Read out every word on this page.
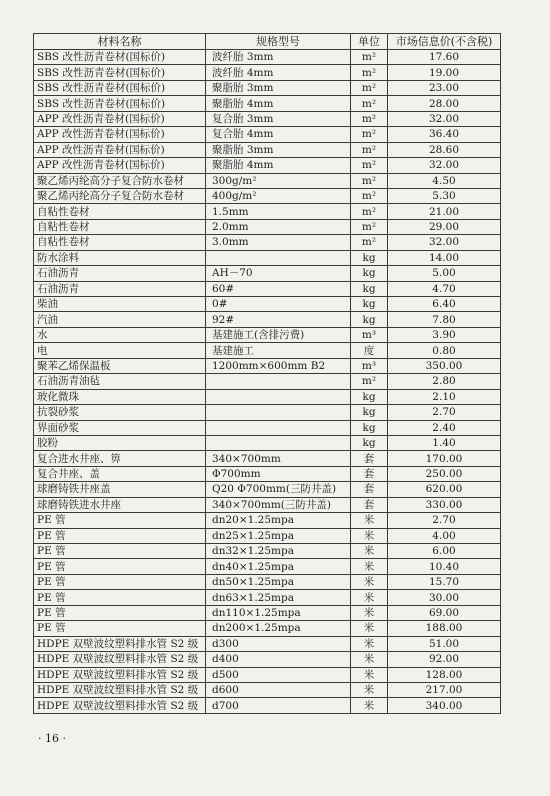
材料名称	规格型号	单位	市场信息价(不含税)
SBS 改性沥青卷材(国标价)	波纤胎 3mm	m²	17.60
SBS 改性沥青卷材(国标价)	波纤胎 4mm	m²	19.00
SBS 改性沥青卷材(国标价)	聚脂胎 3mm	m²	23.00
SBS 改性沥青卷材(国标价)	聚脂胎 4mm	m²	28.00
APP 改性沥青卷材(国标价)	复合胎 3mm	m²	32.00
APP 改性沥青卷材(国标价)	复合胎 4mm	m²	36.40
APP 改性沥青卷材(国标价)	聚脂胎 3mm	m²	28.60
APP 改性沥青卷材(国标价)	聚脂胎 4mm	m²	32.00
聚乙烯丙纶高分子复合防水卷材	300g/m²	m²	4.50
聚乙烯丙纶高分子复合防水卷材	400g/m²	m²	5.30
自粘性卷材	1.5mm	m²	21.00
自粘性卷材	2.0mm	m²	29.00
自粘性卷材	3.0mm	m²	32.00
防水涂料		kg	14.00
石油沥青	AH－70	kg	5.00
石油沥青	60#	kg	4.70
柴油	0#	kg	6.40
汽油	92#	kg	7.80
水	基建施工(含排污费)	m³	3.90
电	基建施工	度	0.80
聚苯乙烯保温板	1200mm×600mm B2	m³	350.00
石油沥青油毡		m²	2.80
玻化微珠		kg	2.10
抗裂砂浆		kg	2.70
界面砂浆		kg	2.40
胶粉		kg	1.40
复合进水井座、箅	340×700mm	套	170.00
复合井座、盖	Φ700mm	套	250.00
球磨铸铁井座盖	Q20 Φ700mm(三防井盖)	套	620.00
球磨铸铁进水井座	340×700mm(三防井盖)	套	330.00
PE 管	dn20×1.25mpa	米	2.70
PE 管	dn25×1.25mpa	米	4.00
PE 管	dn32×1.25mpa	米	6.00
PE 管	dn40×1.25mpa	米	10.40
PE 管	dn50×1.25mpa	米	15.70
PE 管	dn63×1.25mpa	米	30.00
PE 管	dn110×1.25mpa	米	69.00
PE 管	dn200×1.25mpa	米	188.00
HDPE 双壁波纹塑料排水管 S2 级	d300	米	51.00
HDPE 双壁波纹塑料排水管 S2 级	d400	米	92.00
HDPE 双壁波纹塑料排水管 S2 级	d500	米	128.00
HDPE 双壁波纹塑料排水管 S2 级	d600	米	217.00
HDPE 双壁波纹塑料排水管 S2 级	d700	米	340.00
· 16 ·
